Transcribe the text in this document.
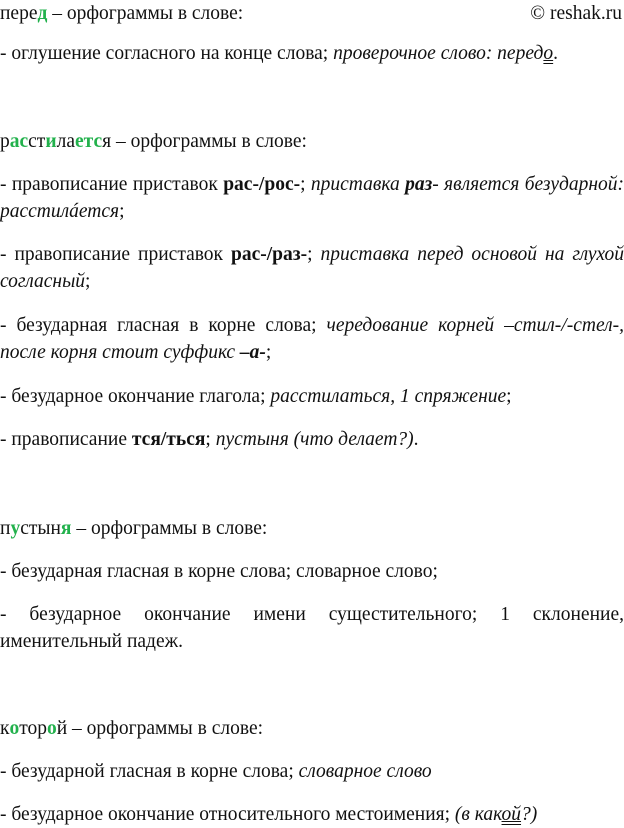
© reshak.ru
перед – орфограммы в слове:
- оглушение согласного на конце слова; проверочное слово: передо.
расстилается – орфограммы в слове:
- правописание приставок рас-/рос-; приставка раз- является безударной: расстилáется;
- правописание приставок рас-/раз-; приставка перед основой на глухой согласный;
- безударная гласная в корне слова; чередование корней –стил-/-стел-, после корня стоит суффикс –а-;
- безударное окончание глагола; расстилаться, 1 спряжение;
- правописание тся/ться; пустыня (что делает?).
пустыня – орфограммы в слове:
- безударная гласная в корне слова; словарное слово;
- безударное окончание имени сущестительного; 1 склонение, именительный падеж.
которой – орфограммы в слове:
- безударной гласная в корне слова; словарное слово
- безударное окончание относительного местоимения; (в какой?)
